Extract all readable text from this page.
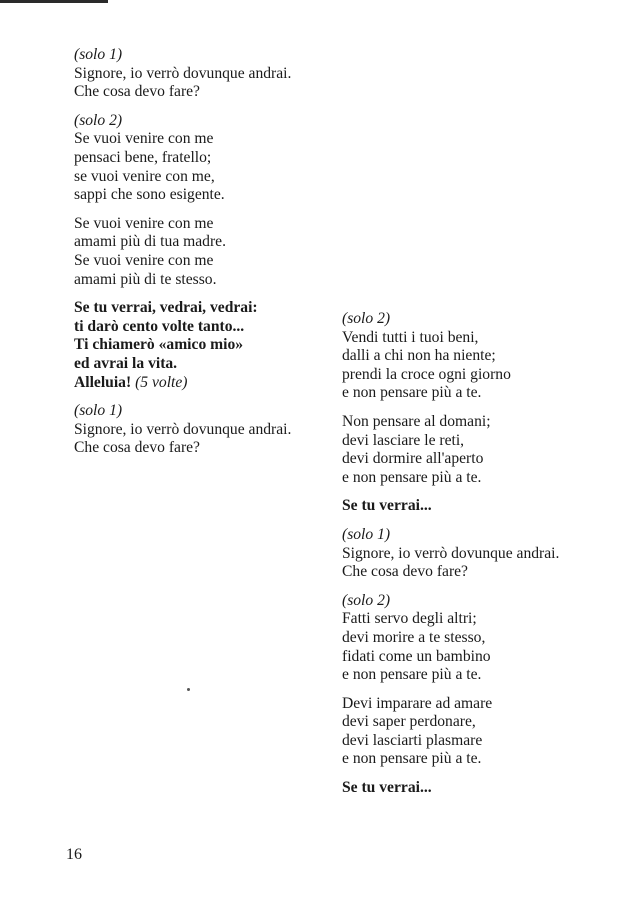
(solo 1)
Signore, io verrò dovunque andrai.
Che cosa devo fare?
(solo 2)
Se vuoi venire con me
pensaci bene, fratello;
se vuoi venire con me,
sappi che sono esigente.
Se vuoi venire con me
amami più di tua madre.
Se vuoi venire con me
amami più di te stesso.
Se tu verrai, vedrai, vedrai:
ti darò cento volte tanto...
Ti chiamerò «amico mio»
ed avrai la vita.
Alleluia! (5 volte)
(solo 1)
Signore, io verrò dovunque andrai.
Che cosa devo fare?
(solo 2)
Vendi tutti i tuoi beni,
dalli a chi non ha niente;
prendi la croce ogni giorno
e non pensare più a te.
Non pensare al domani;
devi lasciare le reti,
devi dormire all'aperto
e non pensare più a te.
Se tu verrai...
(solo 1)
Signore, io verrò dovunque andrai.
Che cosa devo fare?
(solo 2)
Fatti servo degli altri;
devi morire a te stesso,
fidati come un bambino
e non pensare più a te.
Devi imparare ad amare
devi saper perdonare,
devi lasciarti plasmare
e non pensare più a te.
Se tu verrai...
16
